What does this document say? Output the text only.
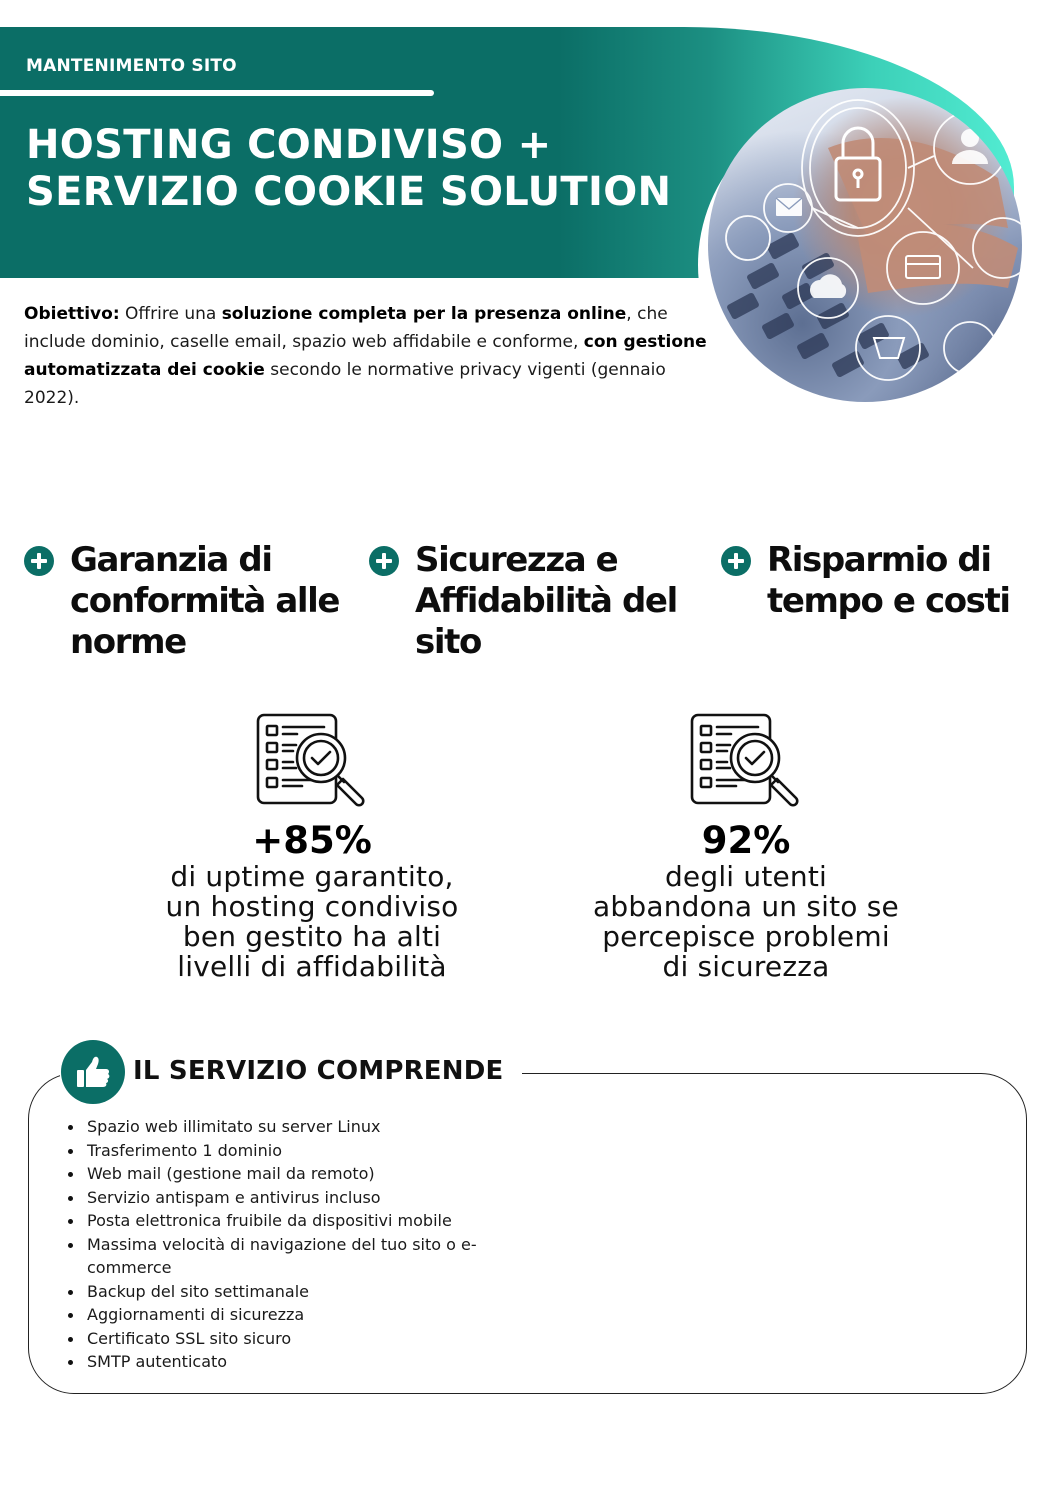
MANTENIMENTO SITO
HOSTING CONDIVISO +
SERVIZIO COOKIE SOLUTION

Obiettivo: Offrire una soluzione completa per la presenza online, che include dominio, caselle email, spazio web affidabile e conforme, con gestione automatizzata dei cookie secondo le normative privacy vigenti (gennaio 2022).

Garanzia di
conformità alle
norme
Sicurezza e
Affidabilità del
sito
Risparmio di
tempo e costi
+85%
di uptime garantito,
un hosting condiviso
ben gestito ha alti
livelli di affidabilità
92%
degli utenti
abbandona un sito se
percepisce problemi
di sicurezza
IL SERVIZIO COMPRENDE
Spazio web illimitato su server Linux
Trasferimento 1 dominio
Web mail (gestione mail da remoto)
Servizio antispam e antivirus incluso
Posta elettronica fruibile da dispositivi mobile
Massima velocità di navigazione del tuo sito o e-commerce
Backup del sito settimanale
Aggiornamenti di sicurezza
Certificato SSL sito sicuro
SMTP autenticato
